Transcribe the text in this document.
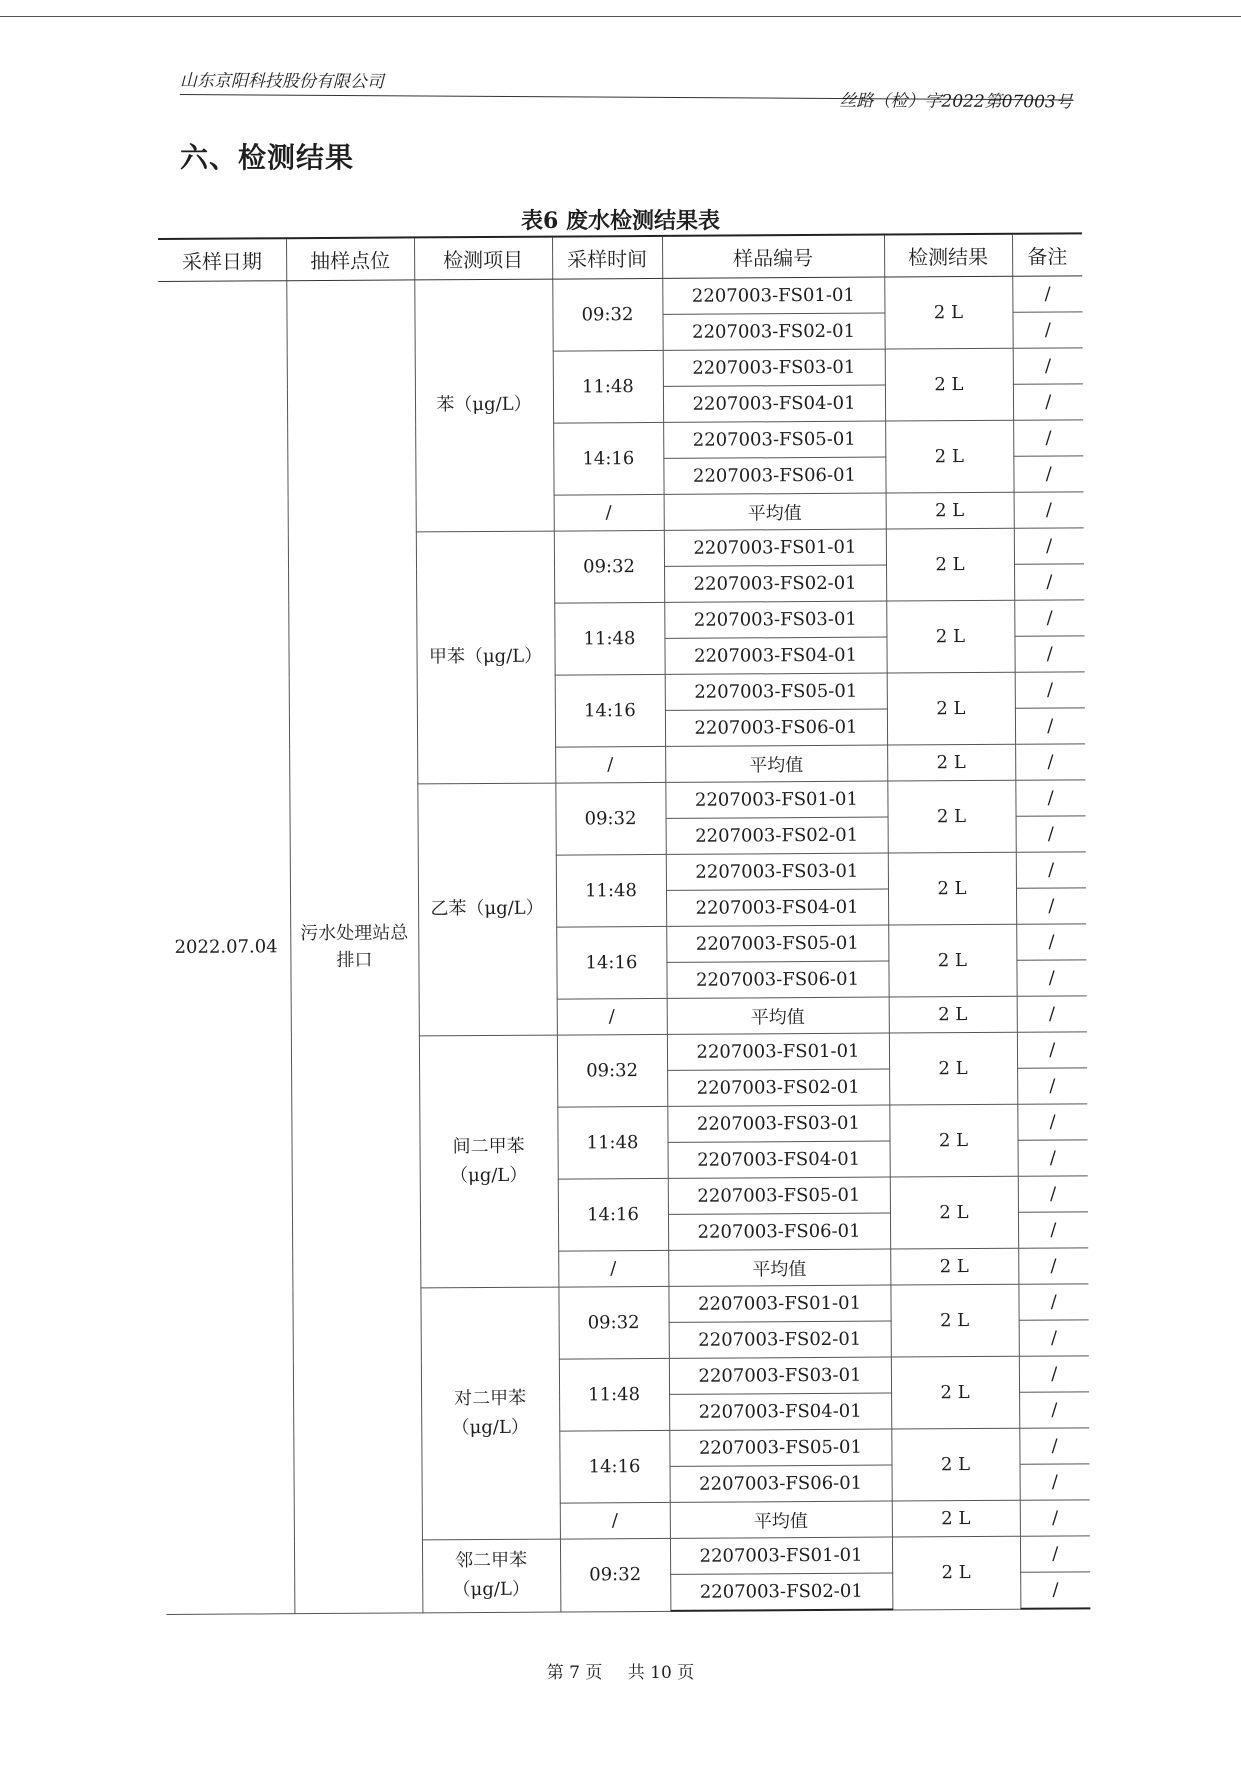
山东京阳科技股份有限公司
丝路（检）字2022第07003号
六、检测结果
表6 废水检测结果表
采样日期	抽样点位	检测项目	采样时间	样品编号	检测结果	备注
2022.07.04	污水处理站总排口	苯（μg/L）	09:32	2207003-FS01-01	2 L	/
				2207003-FS02-01		/
			11:48	2207003-FS03-01	2 L	/
				2207003-FS04-01		/
			14:16	2207003-FS05-01	2 L	/
				2207003-FS06-01		/
			/	平均值	2 L	/
		甲苯（μg/L）	09:32	2207003-FS01-01	2 L	/
				2207003-FS02-01		/
			11:48	2207003-FS03-01	2 L	/
				2207003-FS04-01		/
			14:16	2207003-FS05-01	2 L	/
				2207003-FS06-01		/
			/	平均值	2 L	/
		乙苯（μg/L）	09:32	2207003-FS01-01	2 L	/
				2207003-FS02-01		/
			11:48	2207003-FS03-01	2 L	/
				2207003-FS04-01		/
			14:16	2207003-FS05-01	2 L	/
				2207003-FS06-01		/
			/	平均值	2 L	/
		间二甲苯（μg/L）	09:32	2207003-FS01-01	2 L	/
				2207003-FS02-01		/
			11:48	2207003-FS03-01	2 L	/
				2207003-FS04-01		/
			14:16	2207003-FS05-01	2 L	/
				2207003-FS06-01		/
			/	平均值	2 L	/
		对二甲苯（μg/L）	09:32	2207003-FS01-01	2 L	/
				2207003-FS02-01		/
			11:48	2207003-FS03-01	2 L	/
				2207003-FS04-01		/
			14:16	2207003-FS05-01	2 L	/
				2207003-FS06-01		/
			/	平均值	2 L	/
		邻二甲苯（μg/L）	09:32	2207003-FS01-01	2 L	/
				2207003-FS02-01		/
第 7 页 共 10 页
